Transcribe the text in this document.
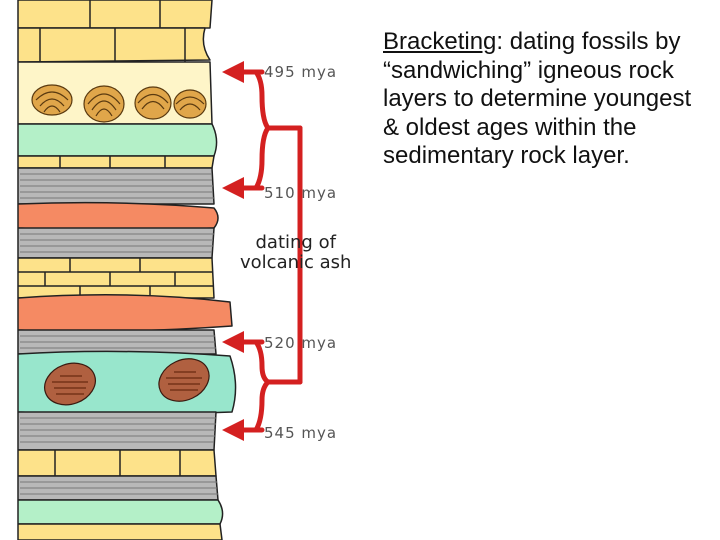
495 mya
510 mya
520 mya
545 mya
dating of
volcanic ash
Bracketing: dating fossils by “sandwiching” igneous rock layers to determine youngest & oldest ages within the sedimentary rock layer.
